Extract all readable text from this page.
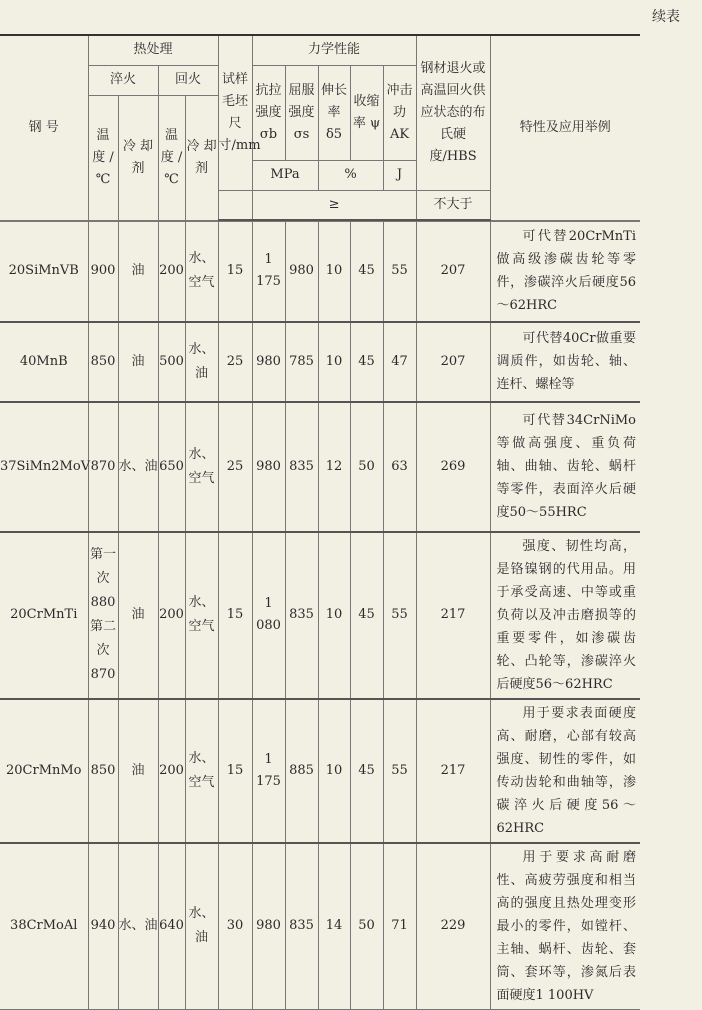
续表
钢 号	热处理				试样毛坯尺寸/mm	力学性能					钢材退火或高温回火供应状态的布氏硬度/HBS	特性及应用举例
	淬火		回火			抗拉强度 σb	屈服强度 σs	伸长率 δ5	收缩率 ψ	冲击功 AK		
	温 度 /℃	冷 却 剂	温 度 /℃	冷 却 剂								
						MPa		%		J		
						≥					不大于	
20SiMnVB	900	油	200	水、空气	15	1 175	980	10	45	55	207	可代替20CrMnTi做高级渗碳齿轮等零件，渗碳淬火后硬度56～62HRC
40MnB	850	油	500	水、油	25	980	785	10	45	47	207	可代替40Cr做重要调质件，如齿轮、轴、连杆、螺栓等
37SiMn2MoV	870	水、油	650	水、空气	25	980	835	12	50	63	269	可代替34CrNiMo等做高强度、重负荷轴、曲轴、齿轮、蜗杆等零件，表面淬火后硬度50～55HRC
20CrMnTi	第一次880 第二次870	油	200	水、空气	15	1 080	835	10	45	55	217	强度、韧性均高，是铬镍钢的代用品。用于承受高速、中等或重负荷以及冲击磨损等的重要零件，如渗碳齿轮、凸轮等，渗碳淬火后硬度56～62HRC
20CrMnMo	850	油	200	水、空气	15	1 175	885	10	45	55	217	用于要求表面硬度高、耐磨，心部有较高强度、韧性的零件，如传动齿轮和曲轴等，渗碳淬火后硬度56～62HRC
38CrMoAl	940	水、油	640	水、油	30	980	835	14	50	71	229	用于要求高耐磨性、高疲劳强度和相当高的强度且热处理变形最小的零件，如镗杆、主轴、蜗杆、齿轮、套筒、套环等，渗氮后表面硬度1 100HV
